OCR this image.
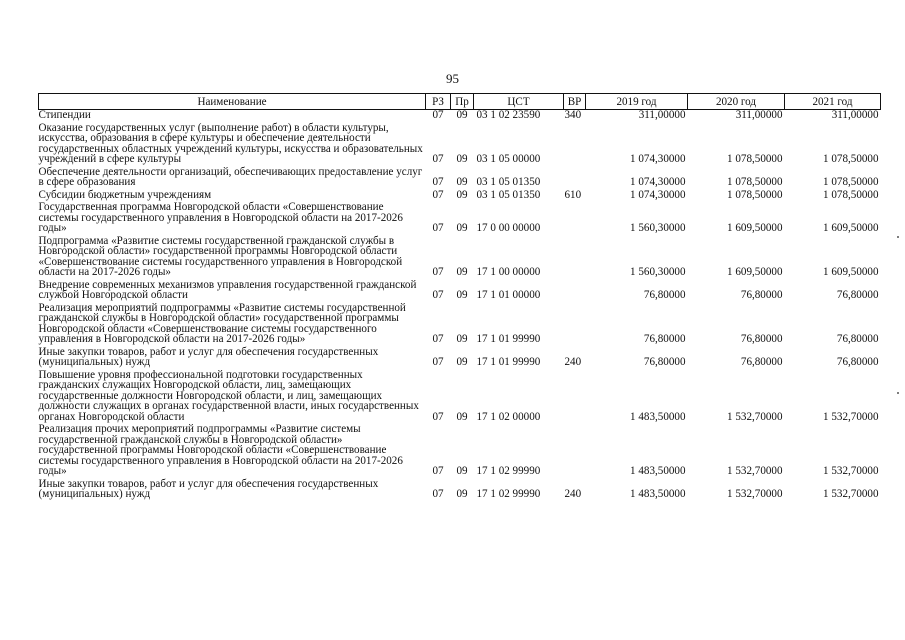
95
Наименование	РЗ	Пр	ЦСТ	ВР	2019 год	2020 год	2021 год
Стипендии	07	09	03 1 02 23590	340	311,00000	311,00000	311,00000
Оказание государственных услуг (выполнение работ) в области культуры, искусства, образования в сфере культуры и обеспечение деятельности государственных областных учреждений культуры, искусства и образовательных учреждений в сфере культуры	07	09	03 1 05 00000		1 074,30000	1 078,50000	1 078,50000
Обеспечение деятельности организаций, обеспечивающих предоставление услуг в сфере образования	07	09	03 1 05 01350		1 074,30000	1 078,50000	1 078,50000
Субсидии бюджетным учреждениям	07	09	03 1 05 01350	610	1 074,30000	1 078,50000	1 078,50000
Государственная программа Новгородской области «Совершенствование системы государственного управления в Новгородской области на 2017-2026 годы»	07	09	17 0 00 00000		1 560,30000	1 609,50000	1 609,50000
Подпрограмма «Развитие системы государственной гражданской службы в Новгородской области» государственной программы Новгородской области «Совершенствование системы государственного управления в Новгородской области на 2017-2026 годы»	07	09	17 1 00 00000		1 560,30000	1 609,50000	1 609,50000
Внедрение современных механизмов управления государственной гражданской службой Новгородской области	07	09	17 1 01 00000		76,80000	76,80000	76,80000
Реализация мероприятий подпрограммы «Развитие системы государственной гражданской службы в Новгородской области» государственной программы Новгородской области «Совершенствование системы государственного управления в Новгородской области на 2017-2026 годы»	07	09	17 1 01 99990		76,80000	76,80000	76,80000
Иные закупки товаров, работ и услуг для обеспечения государственных (муниципальных) нужд	07	09	17 1 01 99990	240	76,80000	76,80000	76,80000
Повышение уровня профессиональной подготовки государственных гражданских служащих Новгородской области, лиц, замещающих государственные должности Новгородской области, и лиц, замещающих должности служащих в органах государственной власти, иных государственных органах Новгородской области	07	09	17 1 02 00000		1 483,50000	1 532,70000	1 532,70000
Реализация прочих мероприятий подпрограммы «Развитие системы государственной гражданской службы в Новгородской области» государственной программы Новгородской области «Совершенствование системы государственного управления в Новгородской области на 2017-2026 годы»	07	09	17 1 02 99990		1 483,50000	1 532,70000	1 532,70000
Иные закупки товаров, работ и услуг для обеспечения государственных (муниципальных) нужд	07	09	17 1 02 99990	240	1 483,50000	1 532,70000	1 532,70000
